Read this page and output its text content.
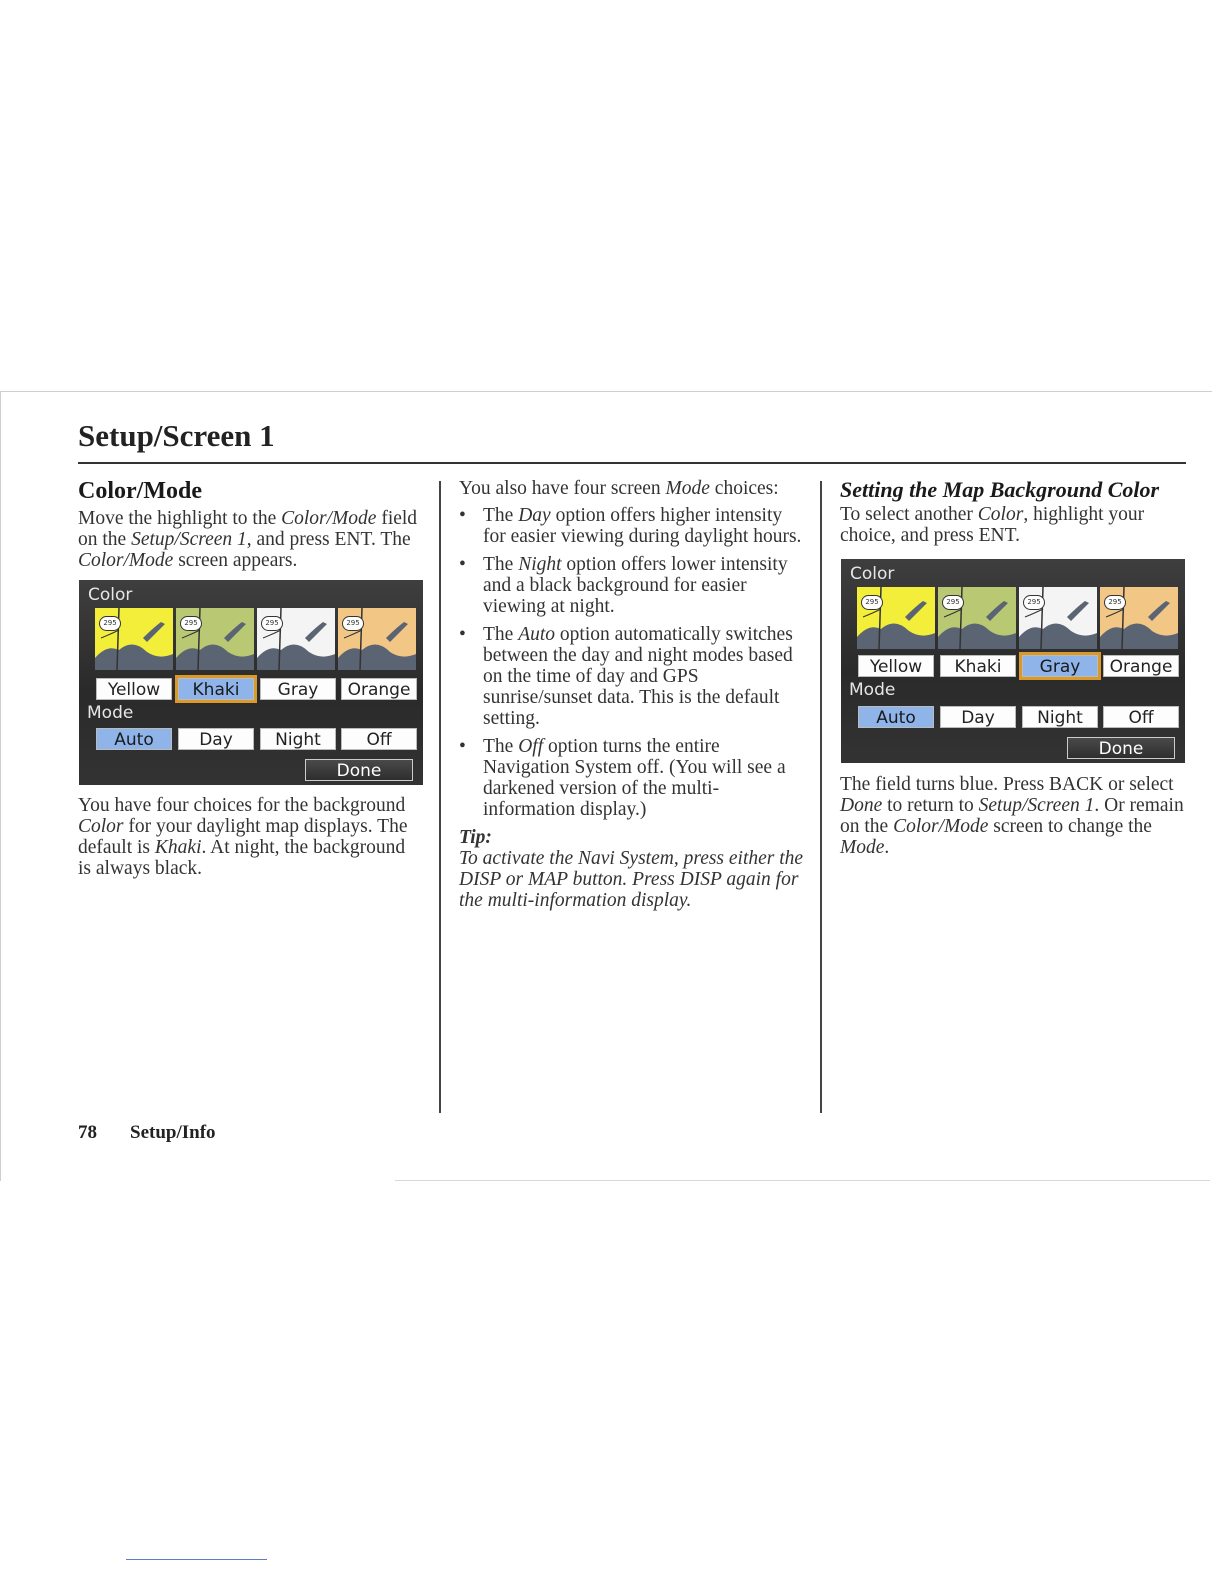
Setup/Screen 1
Color/Mode

Move the highlight to the Color/Mode field on the Setup/Screen 1, and press ENT. The Color/Mode screen appears.

Color
Yellow	Khaki	Gray	Orange
Mode
Auto	Day	Night	Off
Done
295	295	295	295

You have four choices for the background Color for your daylight map displays. The default is Khaki. At night, the background is always black.

You also have four screen Mode choices:

• The Day option offers higher intensity for easier viewing during daylight hours.
• The Night option offers lower intensity and a black background for easier viewing at night.
• The Auto option automatically switches between the day and night modes based on the time of day and GPS sunrise/sunset data. This is the default setting.
• The Off option turns the entire Navigation System off. (You will see a darkened version of the multi-information display.)

Tip:

To activate the Navi System, press either the DISP or MAP button. Press DISP again for the multi-information display.

Setting the Map Background Color

To select another Color, highlight your choice, and press ENT.

Color
Yellow	Khaki	Gray	Orange
Mode
Auto	Day	Night	Off
Done
295	295	295	295

The field turns blue. Press BACK or select Done to return to Setup/Screen 1. Or remain on the Color/Mode screen to change the Mode.

78 Setup/Info
